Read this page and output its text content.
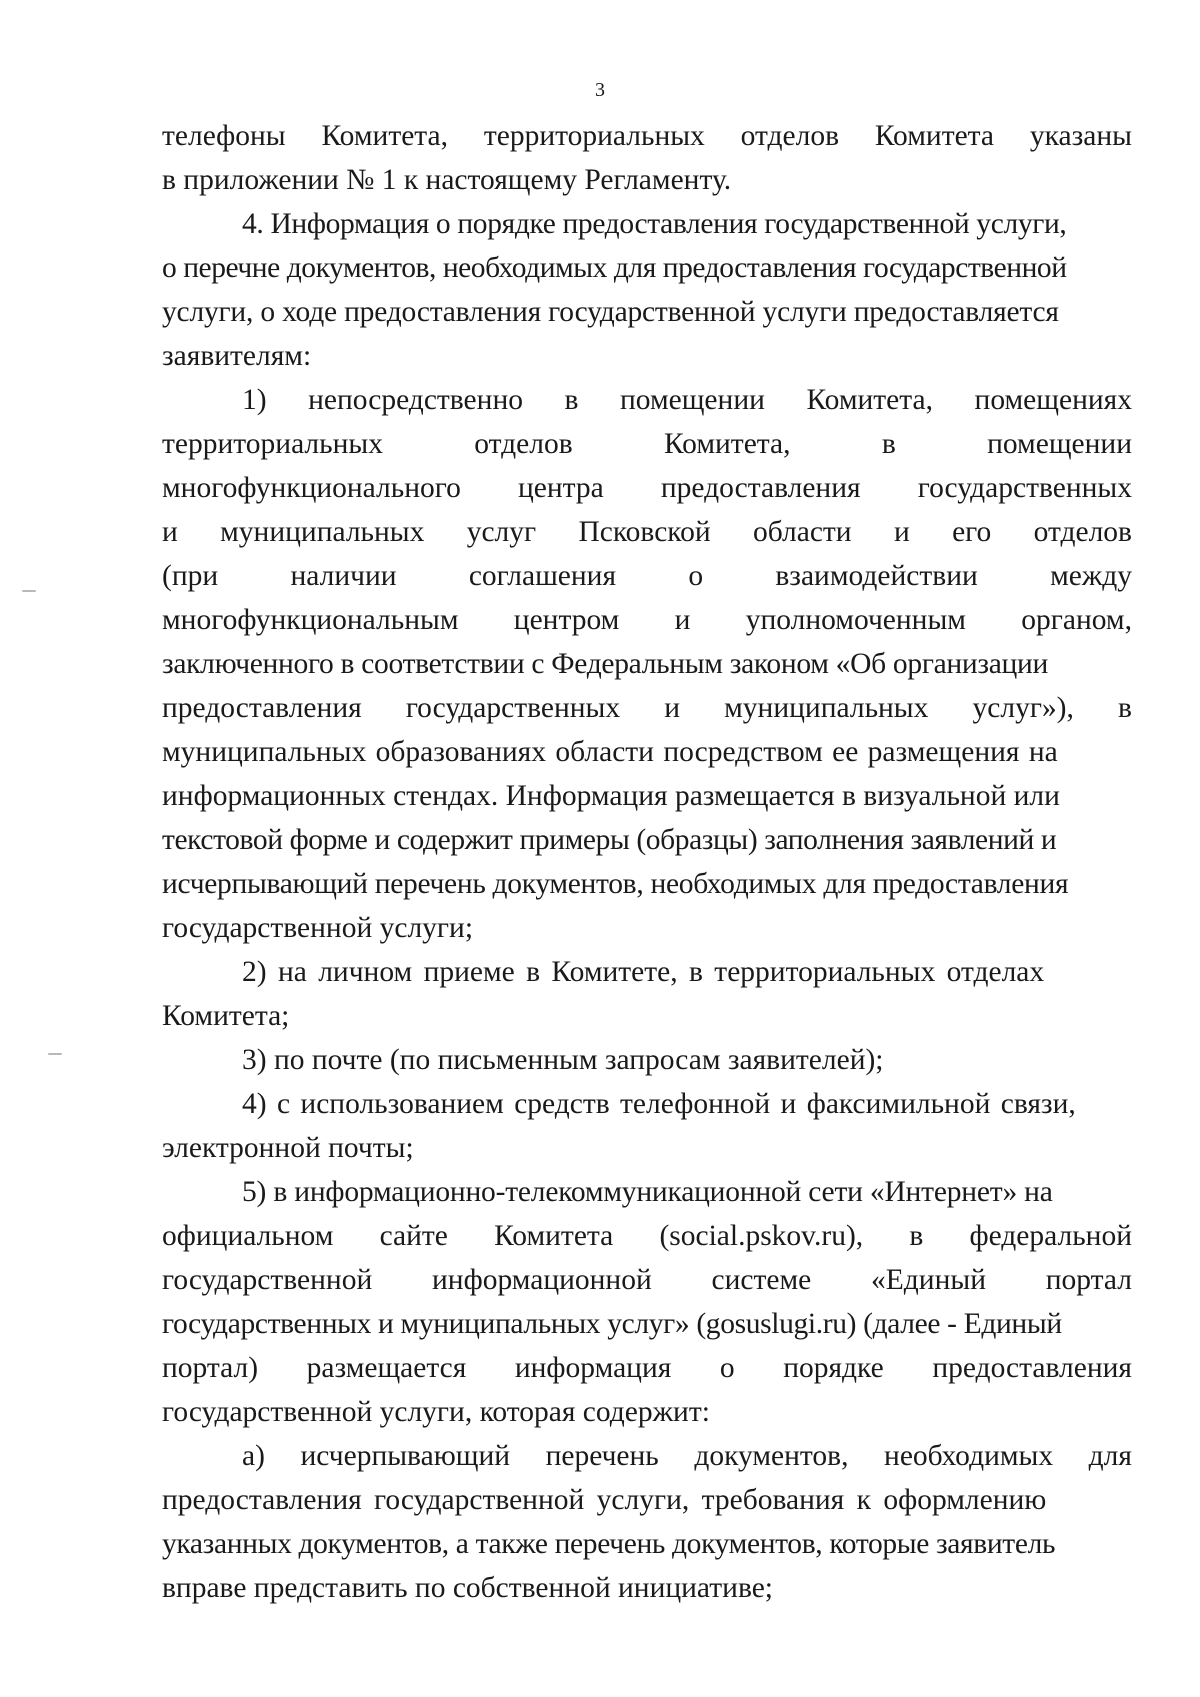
3
телефоны Комитета, территориальных отделов Комитета указаны
в приложении № 1 к настоящему Регламенту.
4. Информация о порядке предоставления государственной услуги,
о перечне документов, необходимых для предоставления государственной
услуги, о ходе предоставления государственной услуги предоставляется
заявителям:
1) непосредственно в помещении Комитета, помещениях
территориальных	отделов	Комитета,	в	помещении
многофункционального центра предоставления государственных
и муниципальных услуг Псковской области и его отделов
(при наличии соглашения о взаимодействии между
многофункциональным центром и уполномоченным органом,
заключенного в соответствии с Федеральным законом «Об организации
предоставления государственных и муниципальных услуг»), в
муниципальных образованиях области посредством ее размещения на
информационных стендах. Информация размещается в визуальной или
текстовой форме и содержит примеры (образцы) заполнения заявлений и
исчерпывающий перечень документов, необходимых для предоставления
государственной услуги;
2) на личном приеме в Комитете, в территориальных отделах
Комитета;
3) по почте (по письменным запросам заявителей);
4) с использованием средств телефонной и факсимильной связи,
электронной почты;
5) в информационно-телекоммуникационной сети «Интернет» на
официальном сайте Комитета (social.pskov.ru), в федеральной
государственной информационной системе «Единый портал
государственных и муниципальных услуг» (gosuslugi.ru) (далее - Единый
портал) размещается информация о порядке предоставления
государственной услуги, которая содержит:
а) исчерпывающий перечень документов, необходимых для
предоставления государственной услуги, требования к оформлению
указанных документов, а также перечень документов, которые заявитель
вправе представить по собственной инициативе;
